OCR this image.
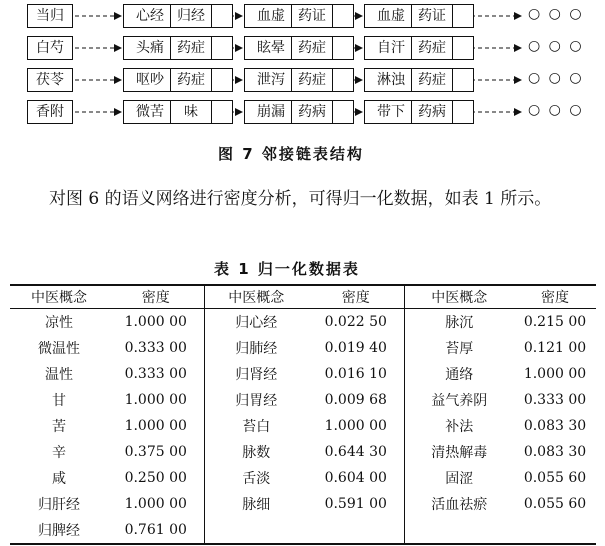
当归	心经 归经	血虚 药证	血虚 药证
白芍	头痛 药症	眩晕 药症	自汗 药症
茯苓	呕吵 药症	泄泻 药症	淋浊 药症
香附	微苦	味	崩漏 药病	带下 药病
○ ○ ○
○ ○ ○
○ ○ ○
○ ○ ○
图 7 邻接链表结构

对图 6 的语义网络进行密度分析，可得归一化数据，如表 1 所示。

表 1 归一化数据表
中医概念	密度	中医概念	密度	中医概念	密度
凉性	1.000 00	归心经	0.022 50	脉沉	0.215 00
微温性	0.333 00	归肺经	0.019 40	苔厚	0.121 00
温性	0.333 00	归肾经	0.016 10	通络	1.000 00
甘	1.000 00	归胃经	0.009 68	益气养阴	0.333 00
苦	1.000 00	苔白	1.000 00	补法	0.083 30
辛	0.375 00	脉数	0.644 30	清热解毒	0.083 30
咸	0.250 00	舌淡	0.604 00	固涩	0.055 60
归肝经	1.000 00	脉细	0.591 00	活血祛瘀	0.055 60
归脾经	0.761 00				
